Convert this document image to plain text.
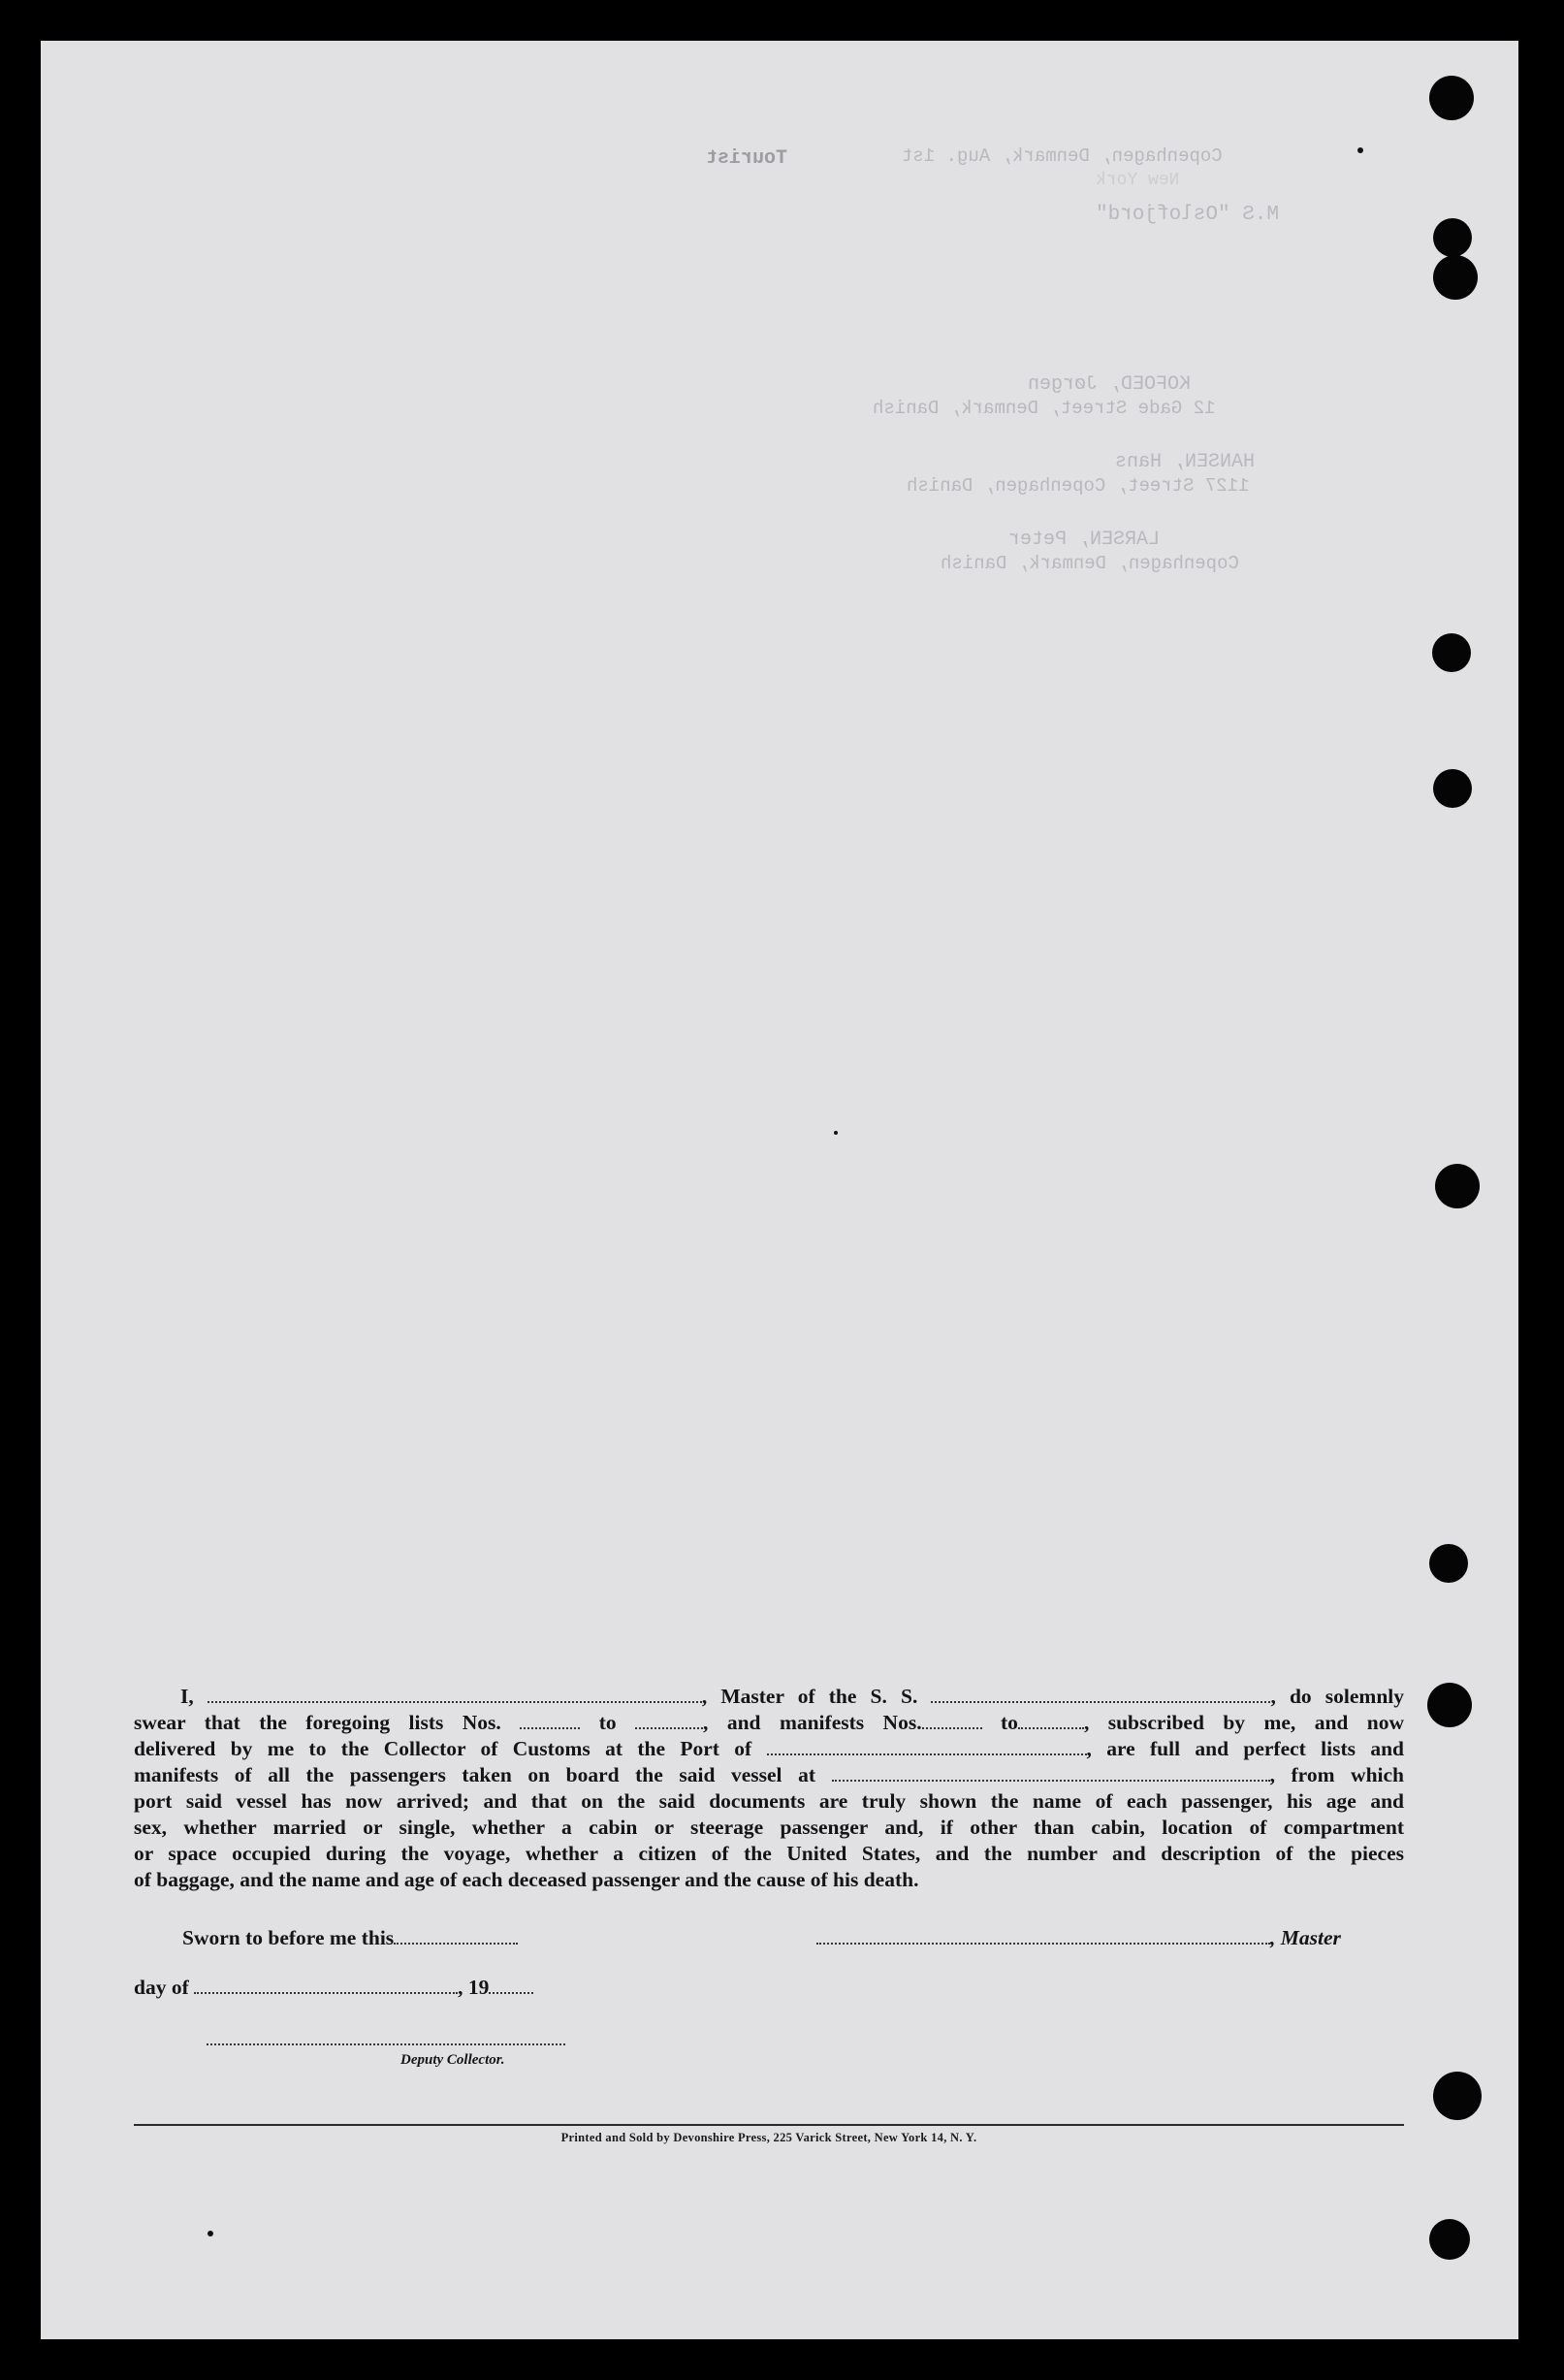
Tourist	Copenhagen, Denmark, Aug. 1st
M.S "Oslofjord"
New York
KOFOED, Jørgen
12 Gade Street, Denmark, Danish
HANSEN, Hans
1127 Street, Copenhagen, Danish
LARSEN, Peter
Copenhagen, Denmark, Danish
I,	, Master of the S. S.	, do solemnly
swear that the foregoing lists Nos.	to	, and manifests Nos.	to	, subscribed by me, and now
delivered by me to the Collector of Customs at the Port of	, are full and perfect lists and
manifests of all the passengers taken on board the said vessel at	, from which
port said vessel has now arrived; and that on the said documents are truly shown the name of each passenger, his age and
sex, whether married or single, whether a cabin or steerage passenger and, if other than cabin, location of compartment
or space occupied during the voyage, whether a citizen of the United States, and the number and description of the pieces
of baggage, and the name and age of each deceased passenger and the cause of his death.
Sworn to before me this	, Master
day of	, 19
Deputy Collector.
Printed and Sold by Devonshire Press, 225 Varick Street, New York 14, N. Y.
